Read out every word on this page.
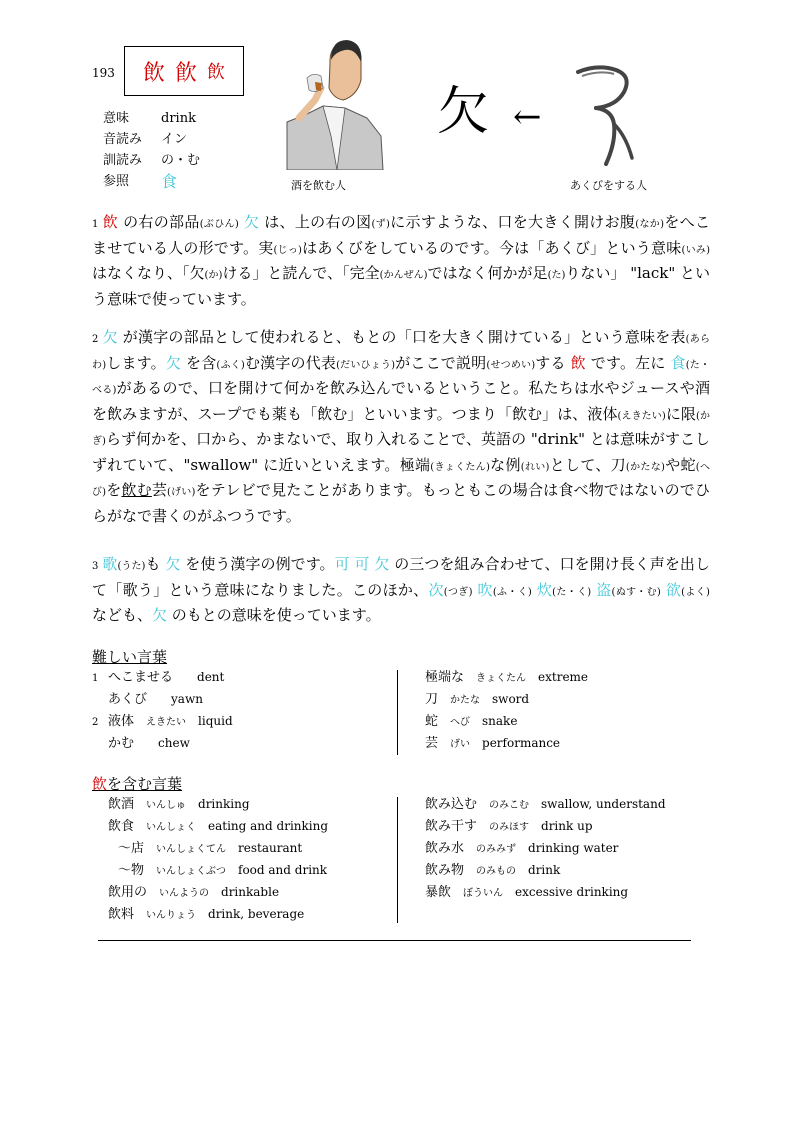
193 飲 飮 飲
意味	drink
音読み	イン
訓読み	の・む
参照	食	酒を飲む人
欠 ←
あくびをする人
1 飲 の右の部品(ぶひん) 欠 は、上の右の図(ず)に示すような、口を大きく開けお腹(なか)をへこませている人の形です。実(じっ)はあくびをしているのです。今は「あくび」という意味(いみ)はなくなり、「欠(か)ける」と読んで、「完全(かんぜん)ではなく何かが足(た)りない」 "lack" という意味で使っています。
2 欠 が漢字の部品として使われると、もとの「口を大きく開けている」という意味を表(あらわ)します。欠 を含(ふく)む漢字の代表(だいひょう)がここで説明(せつめい)する 飲 です。左に 食(た・べる)があるので、口を開けて何かを飲み込んでいるということ。私たちは水やジュースや酒を飲みますが、スープでも薬も「飲む」といいます。つまり「飲む」は、液体(えきたい)に限(かぎ)らず何かを、口から、かまないで、取り入れることで、英語の "drink" とは意味がすこしずれていて、"swallow" に近いといえます。極端(きょくたん)な例(れい)として、刀(かたな)や蛇(へび)を飲む芸(げい)をテレビで見たことがあります。もっともこの場合は食べ物ではないのでひらがなで書くのがふつうです。
3 歌(うた)も 欠 を使う漢字の例です。可 可 欠 の三つを組み合わせて、口を開け長く声を出して「歌う」という意味になりました。このほか、次(つぎ) 吹(ふ・く) 炊(た・く) 盗(ぬす・む) 欲(よく) なども、欠 のもとの意味を使っています。
難しい言葉
1 へこませる dent
あくび yawn
2 液体 えきたい liquid
かむ chew
極端な きょくたん extreme
刀 かたな sword
蛇 へび snake
芸 げい performance
飲を含む言葉
飲酒 いんしゅ drinking
飲食 いんしょく eating and drinking
～店 いんしょくてん restaurant
～物 いんしょくぶつ food and drink
飲用の いんようの drinkable
飲料 いんりょう drink, beverage
飲み込む のみこむ swallow, understand
飲み干す のみほす drink up
飲み水 のみみず drinking water
飲み物 のみもの drink
暴飲 ぼういん excessive drinking
